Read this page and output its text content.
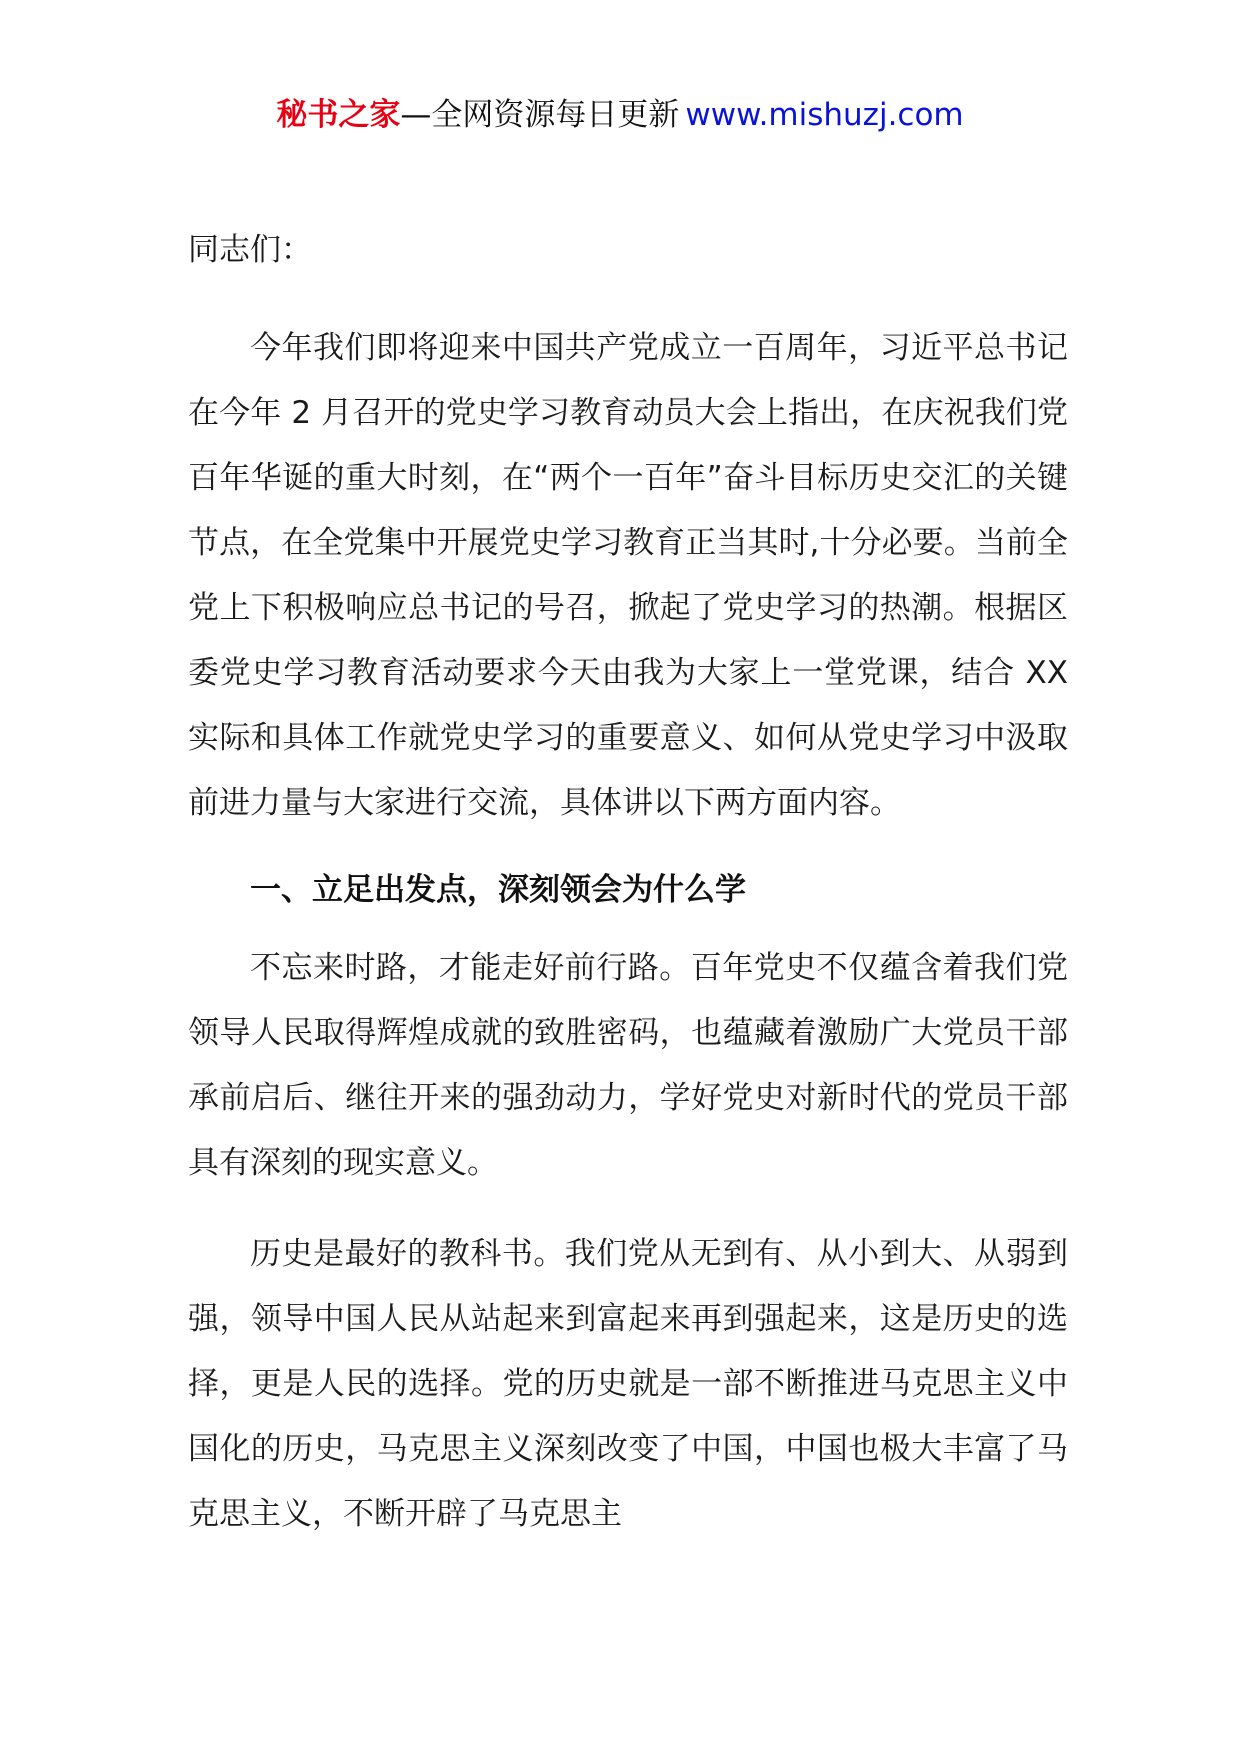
秘书之家—全网资源每日更新 www.mishuzj.com
同志们：

今年我们即将迎来中国共产党成立一百周年，习近平总书记在今年 2 月召开的党史学习教育动员大会上指出，在庆祝我们党百年华诞的重大时刻，在“两个一百年”奋斗目标历史交汇的关键节点，在全党集中开展党史学习教育正当其时,十分必要。当前全党上下积极响应总书记的号召，掀起了党史学习的热潮。根据区委党史学习教育活动要求今天由我为大家上一堂党课，结合 XX 实际和具体工作就党史学习的重要意义、如何从党史学习中汲取前进力量与大家进行交流，具体讲以下两方面内容。

一、立足出发点，深刻领会为什么学

不忘来时路，才能走好前行路。百年党史不仅蕴含着我们党领导人民取得辉煌成就的致胜密码，也蕴藏着激励广大党员干部承前启后、继往开来的强劲动力，学好党史对新时代的党员干部具有深刻的现实意义。

历史是最好的教科书。我们党从无到有、从小到大、从弱到强，领导中国人民从站起来到富起来再到强起来，这是历史的选择，更是人民的选择。党的历史就是一部不断推进马克思主义中国化的历史，马克思主义深刻改变了中国，中国也极大丰富了马克思主义，不断开辟了马克思主
